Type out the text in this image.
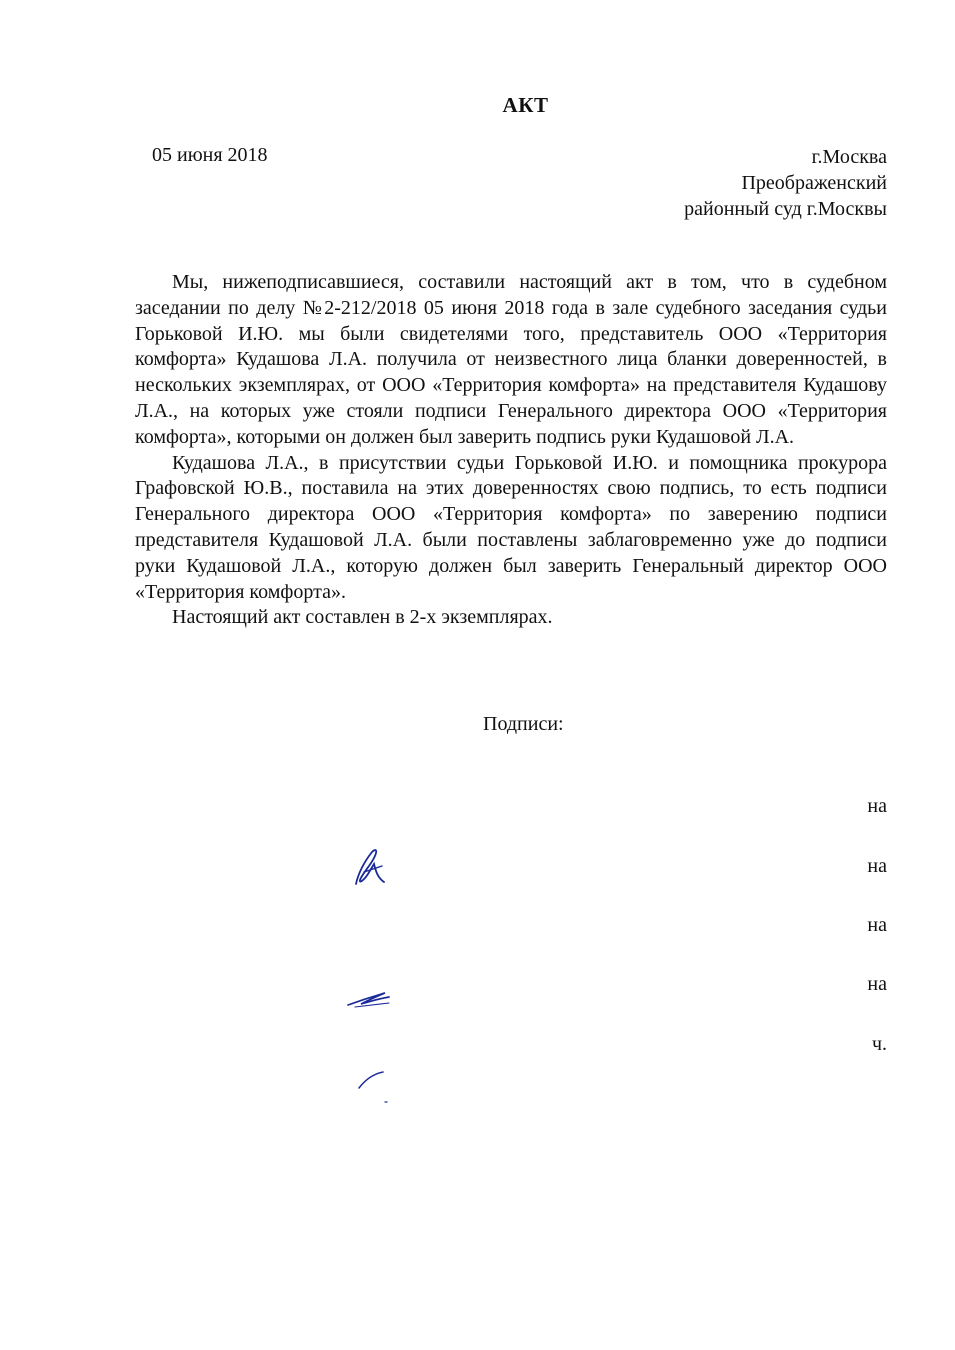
АКТ
05 июня 2018	г.Москва
Преображенский
районный суд г.Москвы

Мы, нижеподписавшиеся, составили настоящий акт в том, что в судебном заседании по делу №2-212/2018 05 июня 2018 года в зале судебного заседания судьи Горьковой И.Ю. мы были свидетелями того, представитель ООО «Территория комфорта» Кудашова Л.А. получила от неизвестного лица бланки доверенностей, в нескольких экземплярах, от ООО «Территория комфорта» на представителя Кудашову Л.А., на которых уже стояли подписи Генерального директора ООО «Территория комфорта», которыми он должен был заверить подпись руки Кудашовой Л.А.

Кудашова Л.А., в присутствии судьи Горьковой И.Ю. и помощника прокурора Графовской Ю.В., поставила на этих доверенностях свою подпись, то есть подписи Генерального директора ООО «Территория комфорта» по заверению подписи представителя Кудашовой Л.А. были поставлены заблаговременно уже до подписи руки Кудашовой Л.А., которую должен был заверить Генеральный директор ООО «Территория комфорта».

Настоящий акт составлен в 2-х экземплярах.

Подписи:
на
на
на
на
ч.
